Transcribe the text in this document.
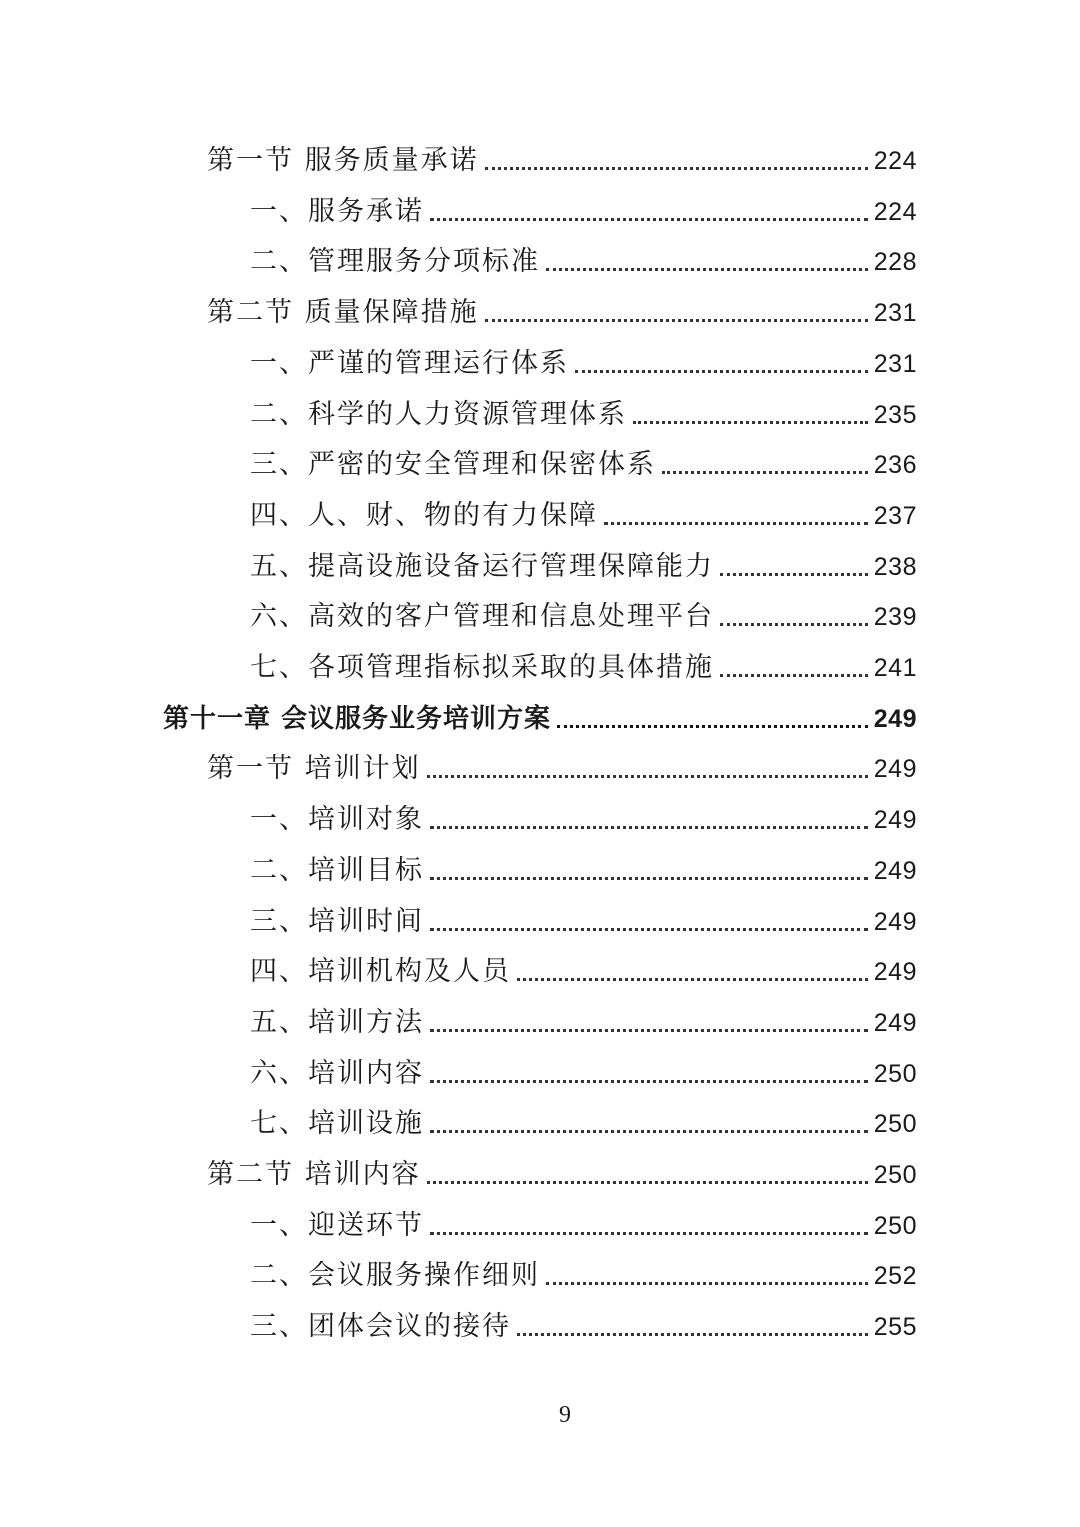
第一节 服务质量承诺	224
一、服务承诺	224
二、管理服务分项标准	228
第二节 质量保障措施	231
一、严谨的管理运行体系	231
二、科学的人力资源管理体系	235
三、严密的安全管理和保密体系	236
四、人、财、物的有力保障	237
五、提高设施设备运行管理保障能力	238
六、高效的客户管理和信息处理平台	239
七、各项管理指标拟采取的具体措施	241
第十一章 会议服务业务培训方案	249
第一节 培训计划	249
一、培训对象	249
二、培训目标	249
三、培训时间	249
四、培训机构及人员	249
五、培训方法	249
六、培训内容	250
七、培训设施	250
第二节 培训内容	250
一、迎送环节	250
二、会议服务操作细则	252
三、团体会议的接待	255
9
